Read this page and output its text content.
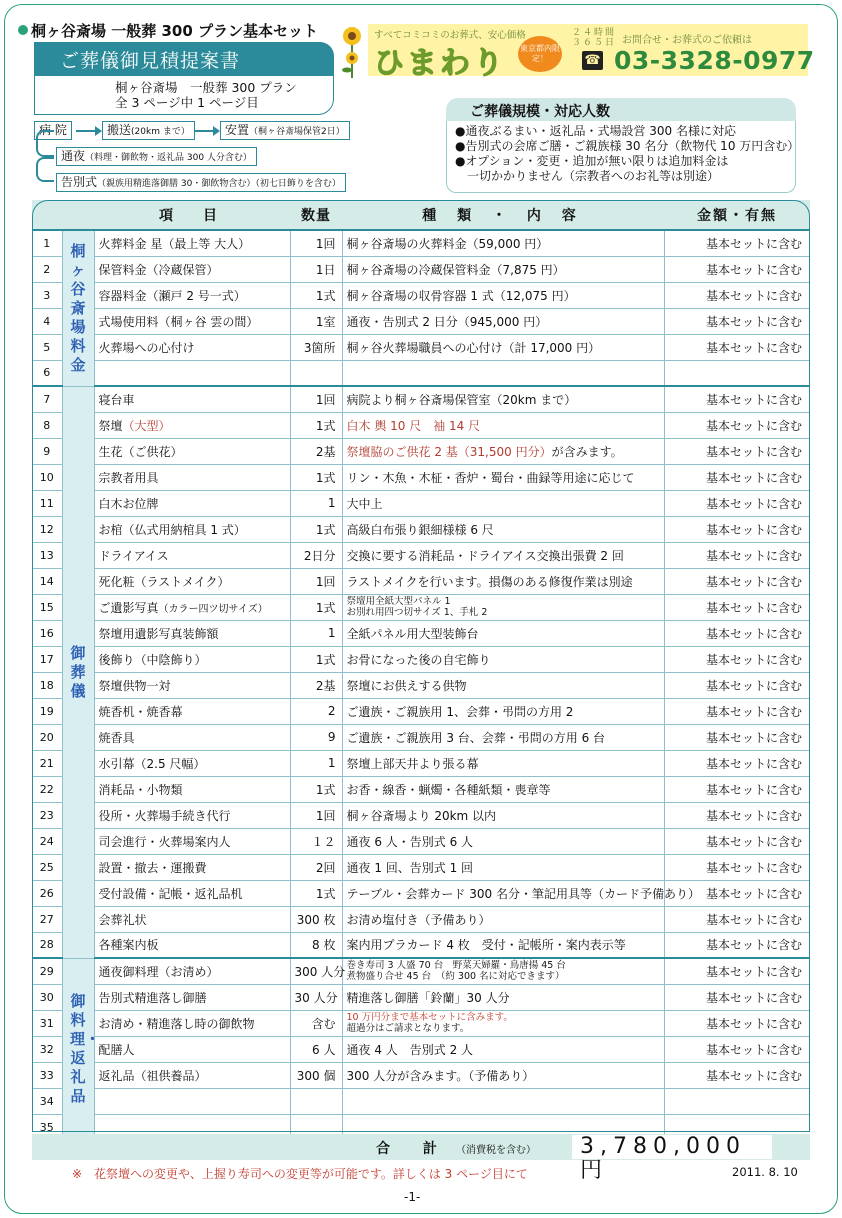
桐ヶ谷斎場 一般葬 300 プラン基本セット
ご葬儀御見積提案書
桐ヶ谷斎場　一般葬 300 プラン
全 3 ページ中 1 ページ目
すべてコミコミのお葬式、安心価格
ひまわり 東京都内限定！
２４時間
３６５日
☎
お問合せ・お葬式のご依頼は
03-3328-0977
ご葬儀規模・対応人数
●通夜ぶるまい・返礼品・式場設営 300 名様に対応
●告別式の会席ご膳・ご親族様 30 名分（飲物代 10 万円含む）
●オプション・変更・追加が無い限りは追加料金は
　一切かかりません（宗教者へのお礼等は別途）
病 院	搬送(20km まで）	安置（桐ヶ谷斎場保管2日）
通夜（料理・御飲物・返礼品 300 人分含む）
告別式（親族用精進落御膳 30・御飲物含む）（初七日飾りを含む）
		項　目	数量	種 類 ・ 内 容	金額・有無
1	桐ヶ谷斎場料金	火葬料金 星（最上等 大人）	1回	桐ヶ谷斎場の火葬料金（59,000 円）	基本セットに含む
2		保管料金（冷蔵保管）	1日	桐ヶ谷斎場の冷蔵保管料金（7,875 円）	基本セットに含む
3		容器料金（瀬戸 2 号一式）	1式	桐ヶ谷斎場の収骨容器 1 式（12,075 円）	基本セットに含む
4		式場使用料（桐ヶ谷 雲の間）	1室	通夜・告別式 2 日分（945,000 円）	基本セットに含む
5		火葬場への心付け	3箇所	桐ヶ谷火葬場職員への心付け（計 17,000 円）	基本セットに含む
6					
7	御葬儀	寝台車	1回	病院より桐ヶ谷斎場保管室（20km まで）	基本セットに含む
8		祭壇（大型）	1式	白木 輿 10 尺　袖 14 尺	基本セットに含む
9		生花（ご供花）	2基	祭壇脇のご供花 2 基（31,500 円分）が含みます。	基本セットに含む
10		宗教者用具	1式	リン・木魚・木柾・香炉・蜀台・曲録等用途に応じて	基本セットに含む
11		白木お位牌	1	大中上	基本セットに含む
12		お棺（仏式用納棺具 1 式）	1式	高級白布張り銀細様様 6 尺	基本セットに含む
13		ドライアイス	2日分	交換に要する消耗品・ドライアイス交換出張費 2 回	基本セットに含む
14		死化粧（ラストメイク）	1回	ラストメイクを行います。損傷のある修復作業は別途	基本セットに含む
15		ご遺影写真（カラー四ツ切サイズ）	1式	祭壇用全紙大型パネル 1
お別れ用四つ切サイズ 1、手札 2	基本セットに含む
16		祭壇用遺影写真装飾額	1	全紙パネル用大型装飾台	基本セットに含む
17		後飾り（中陰飾り）	1式	お骨になった後の自宅飾り	基本セットに含む
18		祭壇供物一対	2基	祭壇にお供えする供物	基本セットに含む
19		焼香机・焼香幕	2	ご遺族・ご親族用 1、会葬・弔問の方用 2	基本セットに含む
20		焼香具	9	ご遺族・ご親族用 3 台、会葬・弔問の方用 6 台	基本セットに含む
21		水引幕（2.5 尺幅）	1	祭壇上部天井より張る幕	基本セットに含む
22		消耗品・小物類	1式	お香・線香・蝋燭・各種紙類・喪章等	基本セットに含む
23		役所・火葬場手続き代行	1回	桐ヶ谷斎場より 20km 以内	基本セットに含む
24		司会進行・火葬場案内人	１２	通夜 6 人・告別式 6 人	基本セットに含む
25		設置・撤去・運搬費	2回	通夜 1 回、告別式 1 回	基本セットに含む
26		受付設備・記帳・返礼品机	1式	テーブル・会葬カード 300 名分・筆記用具等（カード予備あり）	基本セットに含む
27		会葬礼状	300 枚	お清め塩付き（予備あり）	基本セットに含む
28		各種案内板	8 枚	案内用プラカード 4 枚　受付・記帳所・案内表示等	基本セットに含む
29	御料理・返礼品	通夜御料理（お清め）	300 人分	巻き寿司 3 人盛 70 台　野菜天婦羅・鳥唐揚 45 台
煮物盛り合せ 45 台　（約 300 名に対応できます）	基本セットに含む
30		告別式精進落し御膳	30 人分	精進落し御膳「鈴蘭」30 人分	基本セットに含む
31		お清め・精進落し時の御飲物	含む	10 万円分まで基本セットに含みます。
超過分はご請求となります。	基本セットに含む
32		配膳人	6 人	通夜 4 人　告別式 2 人	基本セットに含む
33		返礼品（祖供養品）	300 個	300 人分が含みます。（予備あり）	基本セットに含む
34					
35					
合 計 （消費税を含む）	3,780,000 円
※　花祭壇への変更や、上握り寿司への変更等が可能です。詳しくは 3 ページ目にて	2011. 8. 10
-1-
